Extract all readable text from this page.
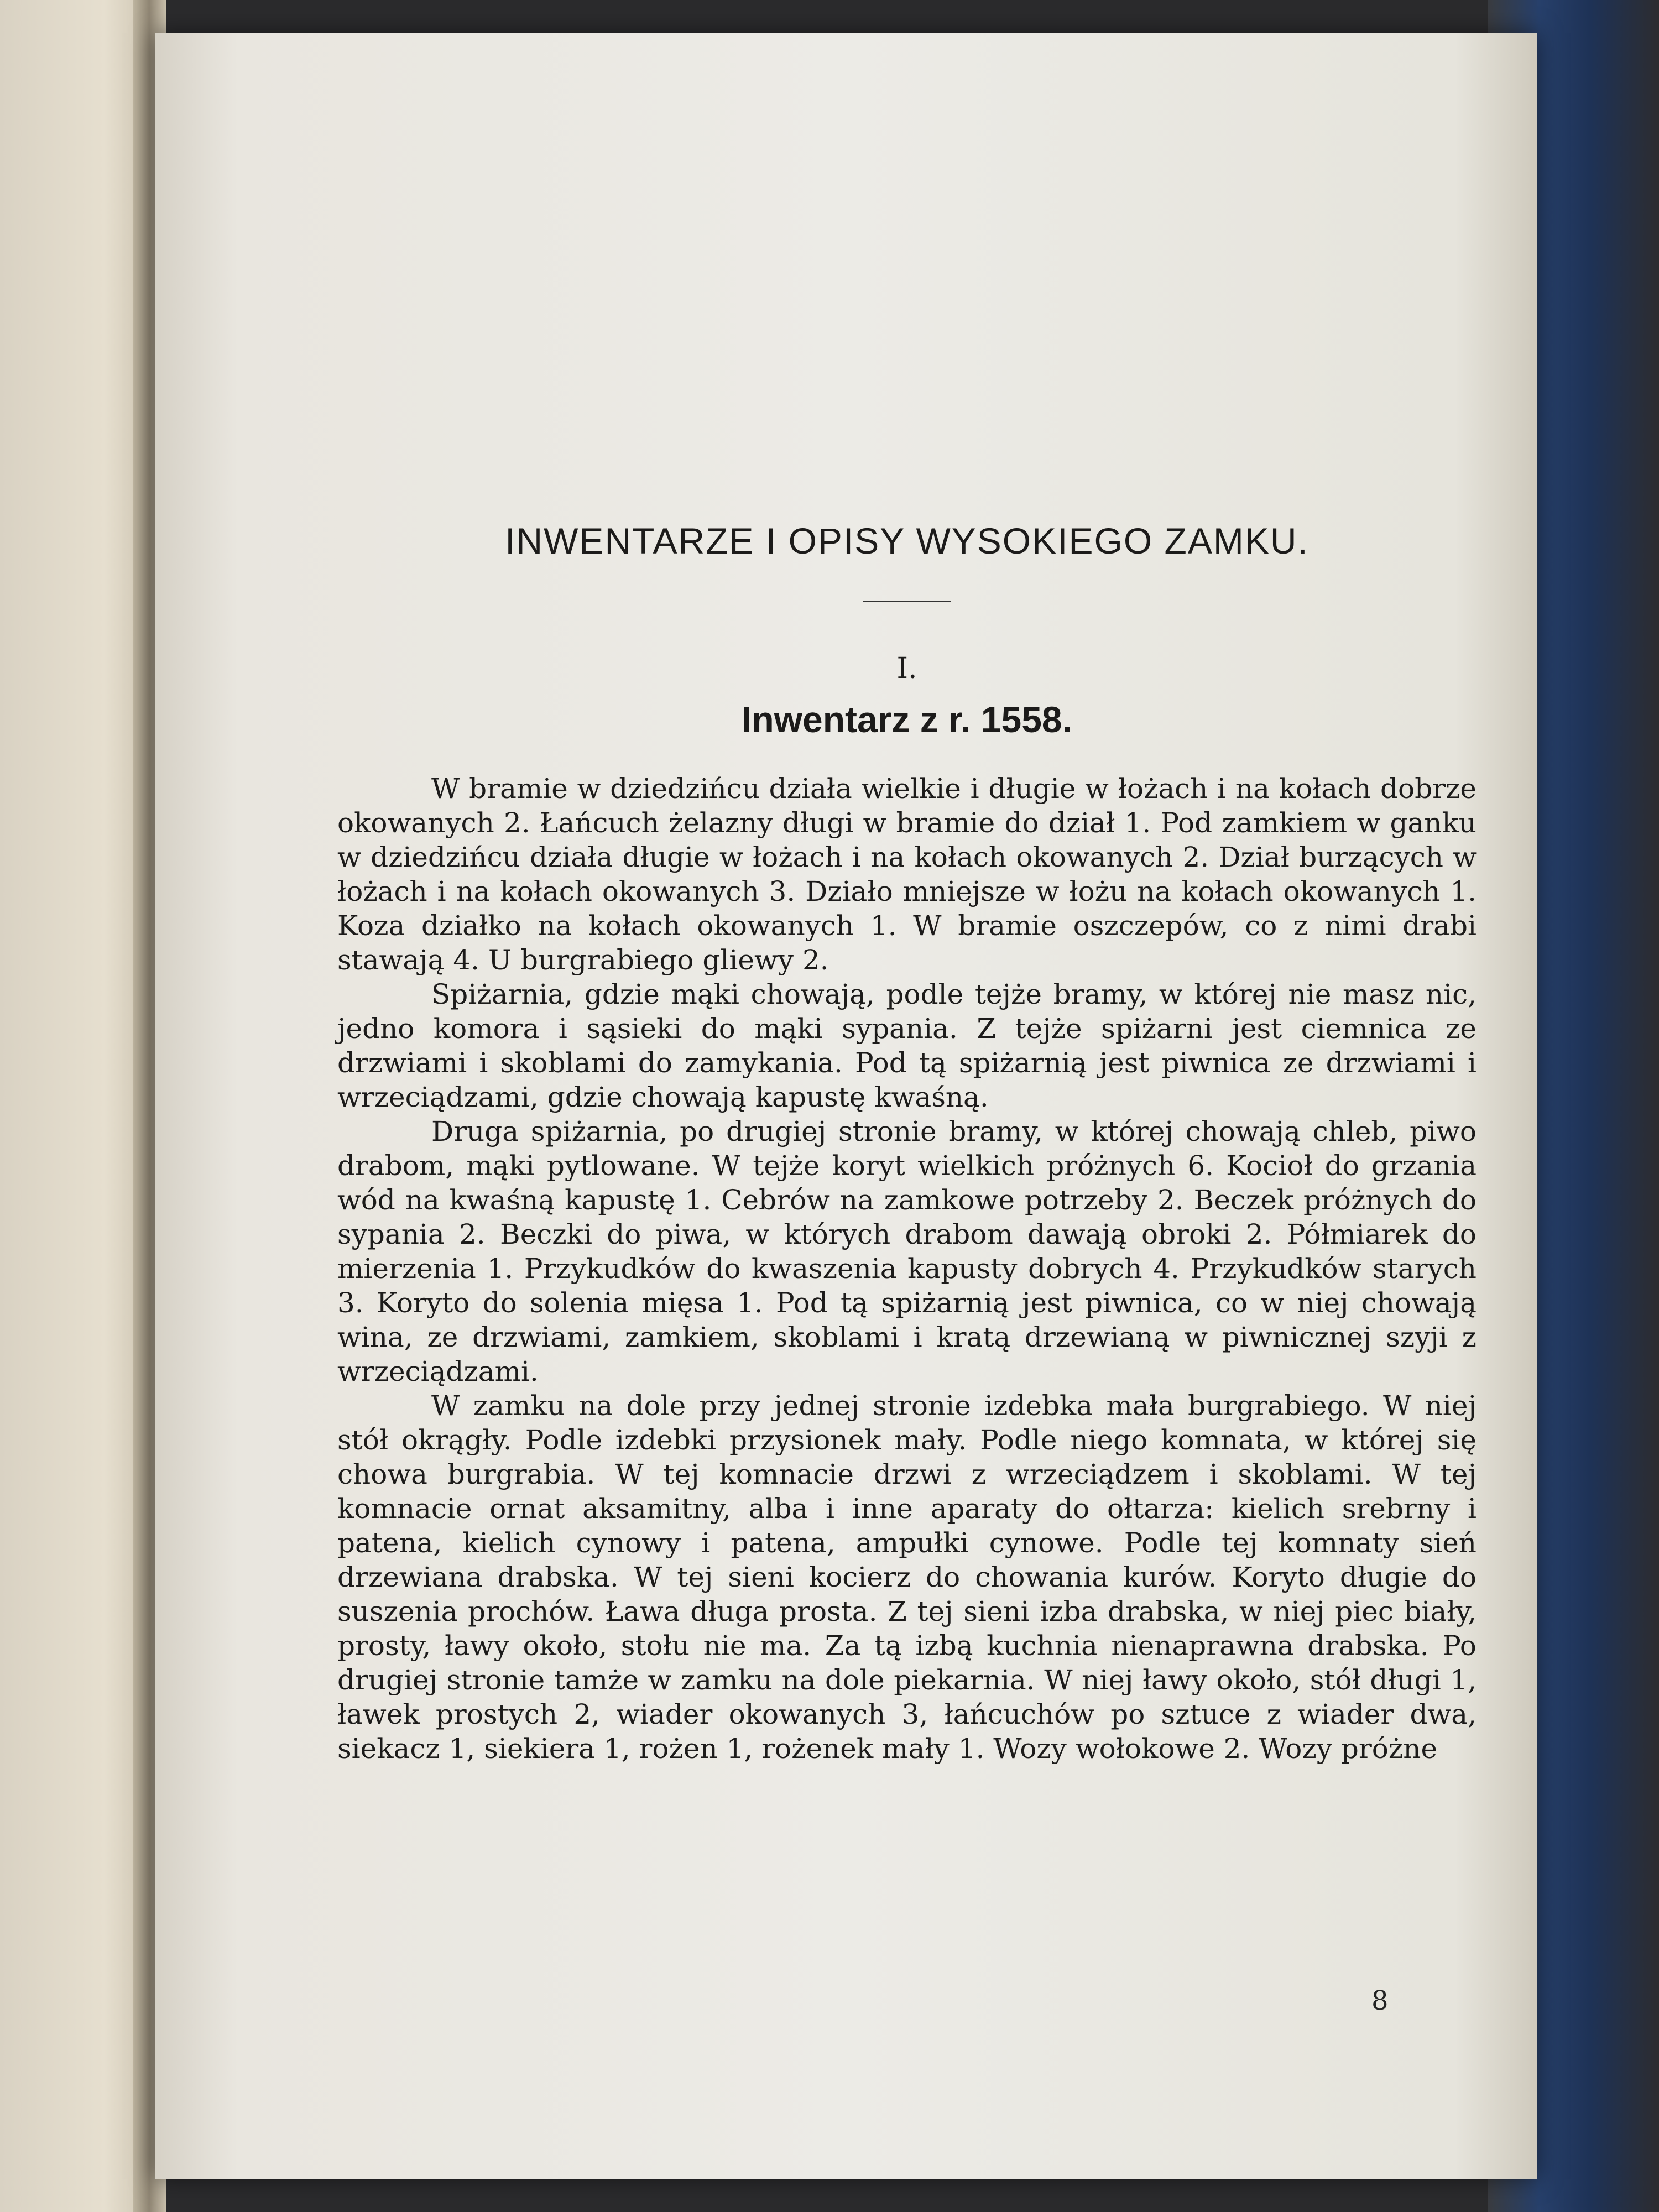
INWENTARZE I OPISY WYSOKIEGO ZAMKU.
I.
Inwentarz z r. 1558.

W bramie w dziedzińcu działa wielkie i długie w łożach i na kołach dobrze okowanych 2. Łańcuch żelazny długi w bramie do dział 1. Pod zamkiem w ganku w dziedzińcu działa długie w łożach i na kołach okowanych 2. Dział burzących w łożach i na kołach okowanych 3. Działo mniejsze w łożu na kołach okowanych 1. Koza działko na kołach okowanych 1. W bramie oszczepów, co z nimi drabi stawają 4. U burgrabiego gliewy 2.

Spiżarnia, gdzie mąki chowają, podle tejże bramy, w której nie masz nic, jedno komora i sąsieki do mąki sypania. Z tejże spiżarni jest ciemnica ze drzwiami i skoblami do zamykania. Pod tą spiżarnią jest piwnica ze drzwiami i wrzeciądzami, gdzie chowają kapustę kwaśną.

Druga spiżarnia, po drugiej stronie bramy, w której chowają chleb, piwo drabom, mąki pytlowane. W tejże koryt wielkich próżnych 6. Kocioł do grzania wód na kwaśną kapustę 1. Cebrów na zamkowe potrzeby 2. Beczek próżnych do sypania 2. Beczki do piwa, w których drabom dawają obroki 2. Półmiarek do mierzenia 1. Przykudków do kwaszenia kapusty dobrych 4. Przykudków starych 3. Koryto do solenia mięsa 1. Pod tą spiżarnią jest piwnica, co w niej chowają wina, ze drzwiami, zamkiem, skoblami i kratą drzewianą w piwnicznej szyji z wrzeciądzami.

W zamku na dole przy jednej stronie izdebka mała burgrabiego. W niej stół okrągły. Podle izdebki przysionek mały. Podle niego komnata, w której się chowa burgrabia. W tej komnacie drzwi z wrzeciądzem i skoblami. W tej komnacie ornat aksamitny, alba i inne aparaty do ołtarza: kielich srebrny i patena, kielich cynowy i patena, ampułki cynowe. Podle tej komnaty sień drzewiana drabska. W tej sieni kocierz do chowania kurów. Koryto długie do suszenia prochów. Ława długa prosta. Z tej sieni izba drabska, w niej piec biały, prosty, ławy około, stołu nie ma. Za tą izbą kuchnia nienaprawna drabska. Po drugiej stronie tamże w zamku na dole piekarnia. W niej ławy około, stół długi 1, ławek prostych 2, wiader okowanych 3, łańcuchów po sztuce z wiader dwa, siekacz 1, siekiera 1, rożen 1, rożenek mały 1. Wozy wołokowe 2. Wozy próżne

8
